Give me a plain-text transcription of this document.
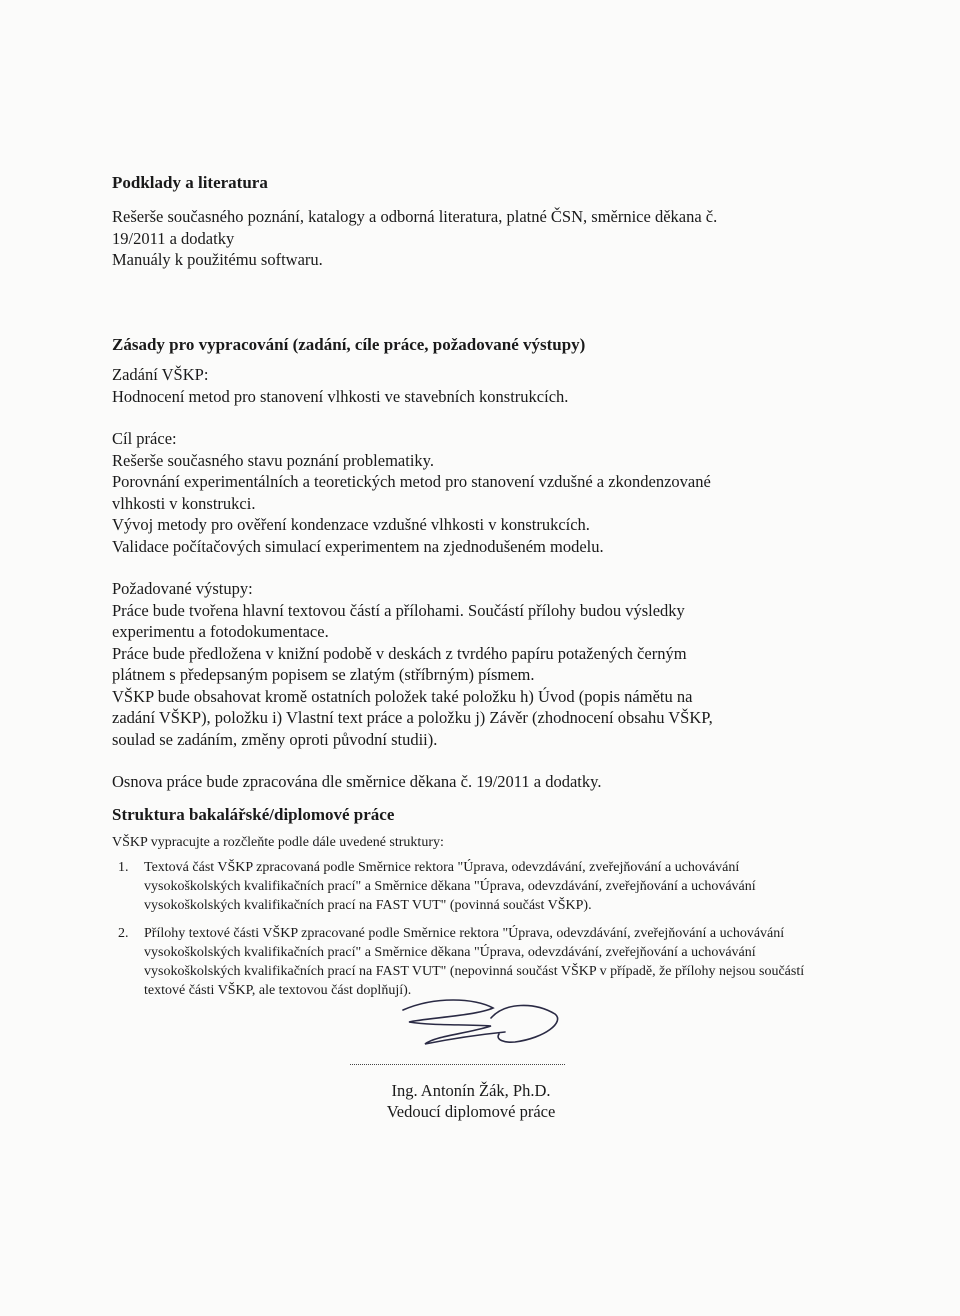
Podklady a literatura

Rešerše současného poznání, katalogy a odborná literatura, platné ČSN, směrnice děkana č.

19/2011 a dodatky

Manuály k použitému softwaru.

Zásady pro vypracování (zadání, cíle práce, požadované výstupy)

Zadání VŠKP:

Hodnocení metod pro stanovení vlhkosti ve stavebních konstrukcích.

Cíl práce:

Rešerše současného stavu poznání problematiky.

Porovnání experimentálních a teoretických metod pro stanovení vzdušné a zkondenzované

vlhkosti v konstrukci.

Vývoj metody pro ověření kondenzace vzdušné vlhkosti v konstrukcích.

Validace počítačových simulací experimentem na zjednodušeném modelu.

Požadované výstupy:

Práce bude tvořena hlavní textovou částí a přílohami. Součástí přílohy budou výsledky

experimentu a fotodokumentace.

Práce bude předložena v knižní podobě v deskách z tvrdého papíru potažených černým

plátnem s předepsaným popisem se zlatým (stříbrným) písmem.

VŠKP bude obsahovat kromě ostatních položek také položku h) Úvod (popis námětu na

zadání VŠKP), položku i) Vlastní text práce a položku j) Závěr (zhodnocení obsahu VŠKP,

soulad se zadáním, změny oproti původní studii).

Osnova práce bude zpracována dle směrnice děkana č. 19/2011 a dodatky.

Struktura bakalářské/diplomové práce

VŠKP vypracujte a rozčleňte podle dále uvedené struktury:

1. Textová část VŠKP zpracovaná podle Směrnice rektora "Úprava, odevzdávání, zveřejňování a uchovávání vysokoškolských kvalifikačních prací" a Směrnice děkana "Úprava, odevzdávání, zveřejňování a uchovávání vysokoškolských kvalifikačních prací na FAST VUT" (povinná součást VŠKP).
2. Přílohy textové části VŠKP zpracované podle Směrnice rektora "Úprava, odevzdávání, zveřejňování a uchovávání vysokoškolských kvalifikačních prací" a Směrnice děkana "Úprava, odevzdávání, zveřejňování a uchovávání vysokoškolských kvalifikačních prací na FAST VUT" (nepovinná součást VŠKP v případě, že přílohy nejsou součástí textové části VŠKP, ale textovou část doplňují).
Ing. Antonín Žák, Ph.D.
Vedoucí diplomové práce
